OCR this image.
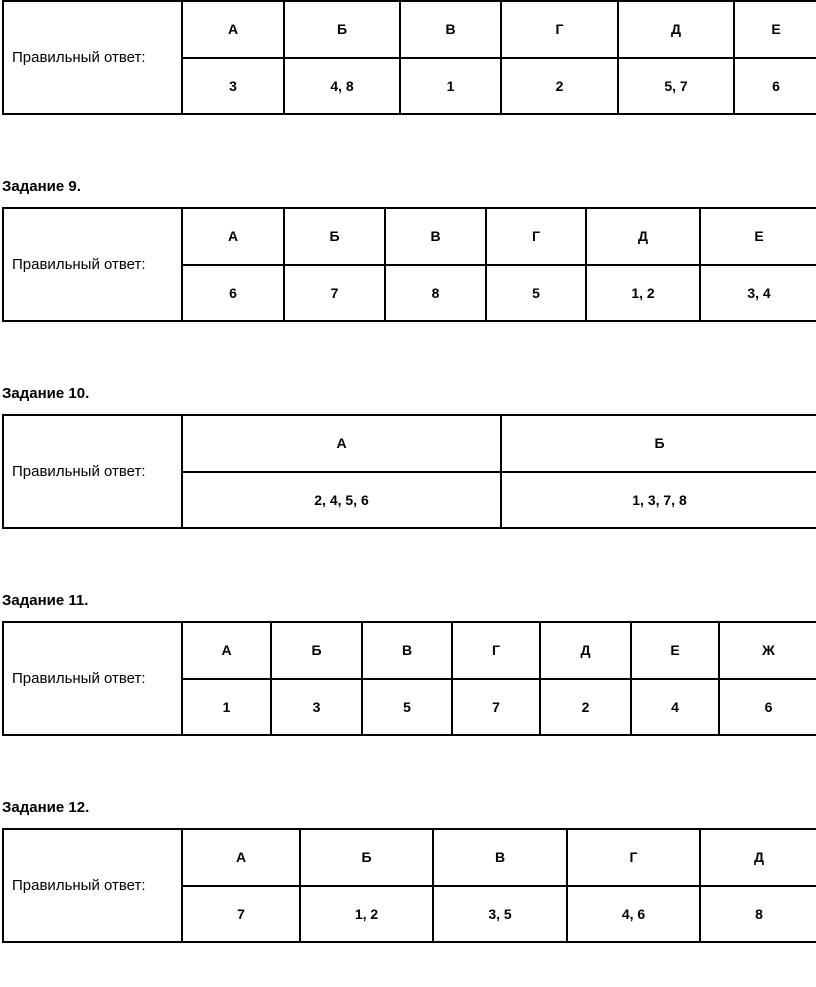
Правильный ответ:	А	Б	В	Г	Д	Е
	3	4, 8	1	2	5, 7	6

Задание 9.

Правильный ответ:	А	Б	В	Г	Д	Е
	6	7	8	5	1, 2	3, 4

Задание 10.

Правильный ответ:	А	Б
	2, 4, 5, 6	1, 3, 7, 8

Задание 11.

Правильный ответ:	А	Б	В	Г	Д	Е	Ж
	1	3	5	7	2	4	6

Задание 12.

Правильный ответ:	А	Б	В	Г	Д
	7	1, 2	3, 5	4, 6	8
